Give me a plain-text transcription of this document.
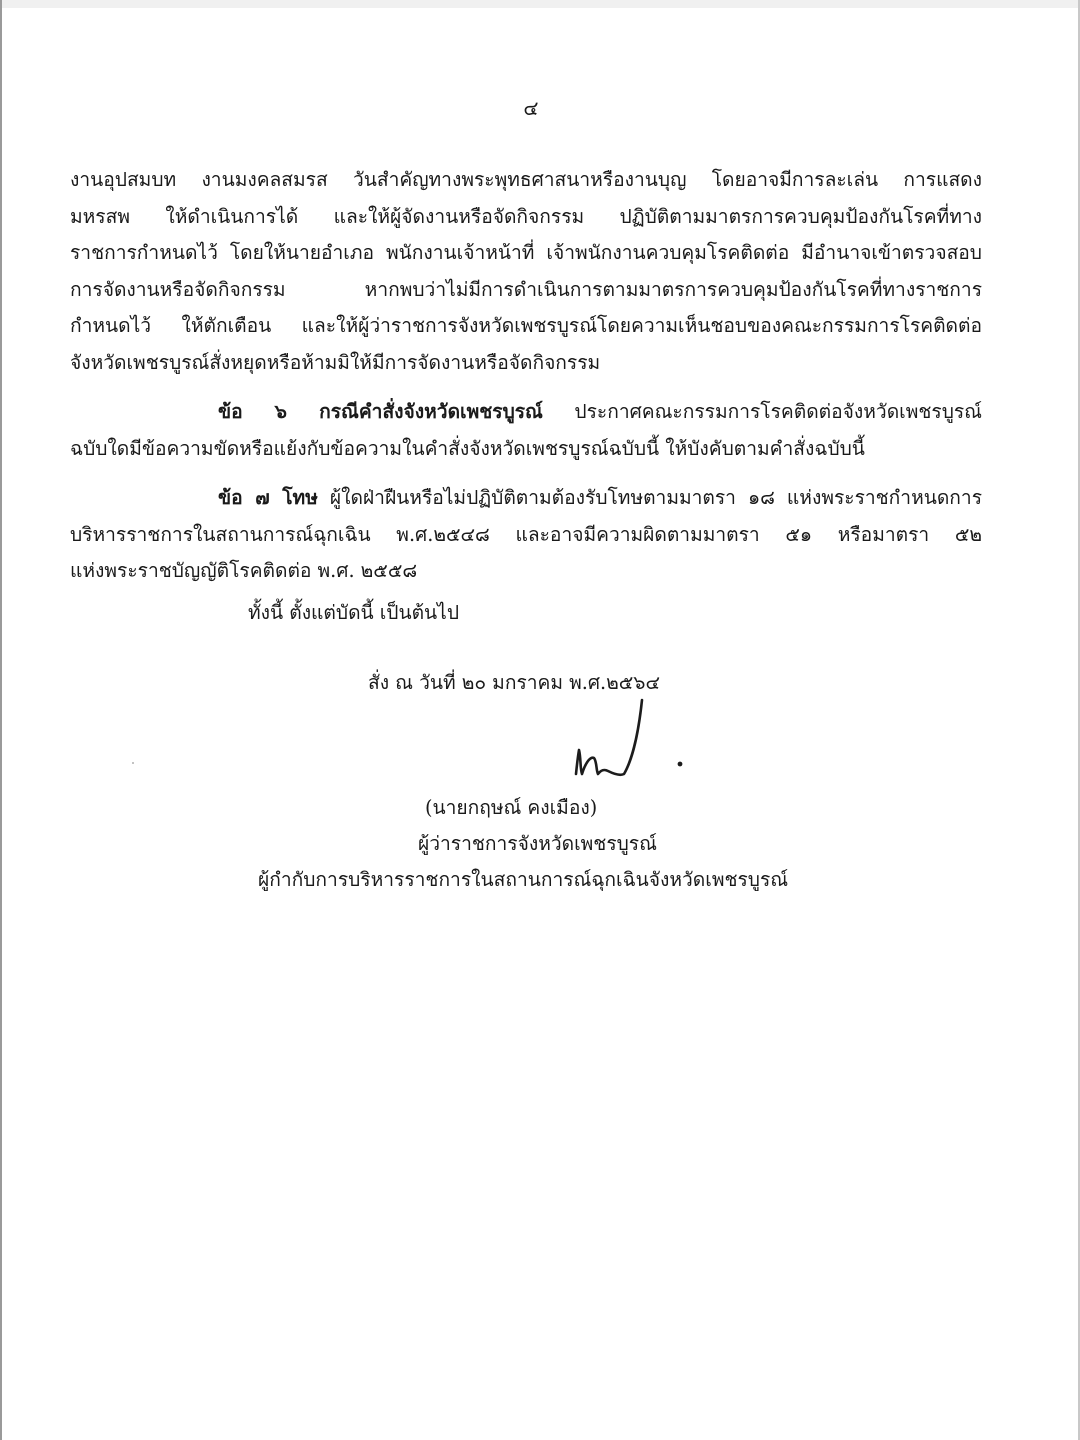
๔
งานอุปสมบท งานมงคลสมรส วันสำคัญทางพระพุทธศาสนาหรืองานบุญ โดยอาจมีการละเล่น การแสดง
มหรสพ ให้ดำเนินการได้ และให้ผู้จัดงานหรือจัดกิจกรรม ปฏิบัติตามมาตรการควบคุมป้องกันโรคที่ทาง
ราชการกำหนดไว้ โดยให้นายอำเภอ พนักงานเจ้าหน้าที่ เจ้าพนักงานควบคุมโรคติดต่อ มีอำนาจเข้าตรวจสอบ
การจัดงานหรือจัดกิจกรรม หากพบว่าไม่มีการดำเนินการตามมาตรการควบคุมป้องกันโรคที่ทางราชการ
กำหนดไว้ ให้ตักเตือน และให้ผู้ว่าราชการจังหวัดเพชรบูรณ์โดยความเห็นชอบของคณะกรรมการโรคติดต่อ
จังหวัดเพชรบูรณ์สั่งหยุดหรือห้ามมิให้มีการจัดงานหรือจัดกิจกรรม
ข้อ ๖ กรณีคำสั่งจังหวัดเพชรบูรณ์ ประกาศคณะกรรมการโรคติดต่อจังหวัดเพชรบูรณ์
ฉบับใดมีข้อความขัดหรือแย้งกับข้อความในคำสั่งจังหวัดเพชรบูรณ์ฉบับนี้ ให้บังคับตามคำสั่งฉบับนี้
ข้อ ๗ โทษ ผู้ใดฝ่าฝืนหรือไม่ปฏิบัติตามต้องรับโทษตามมาตรา ๑๘ แห่งพระราชกำหนดการ
บริหารราชการในสถานการณ์ฉุกเฉิน พ.ศ.๒๕๔๘ และอาจมีความผิดตามมาตรา ๕๑ หรือมาตรา ๕๒
แห่งพระราชบัญญัติโรคติดต่อ พ.ศ. ๒๕๕๘
ทั้งนี้ ตั้งแต่บัดนี้ เป็นต้นไป
สั่ง ณ วันที่ ๒๐ มกราคม พ.ศ.๒๕๖๔
(นายกฤษณ์ คงเมือง)
ผู้ว่าราชการจังหวัดเพชรบูรณ์
ผู้กำกับการบริหารราชการในสถานการณ์ฉุกเฉินจังหวัดเพชรบูรณ์
